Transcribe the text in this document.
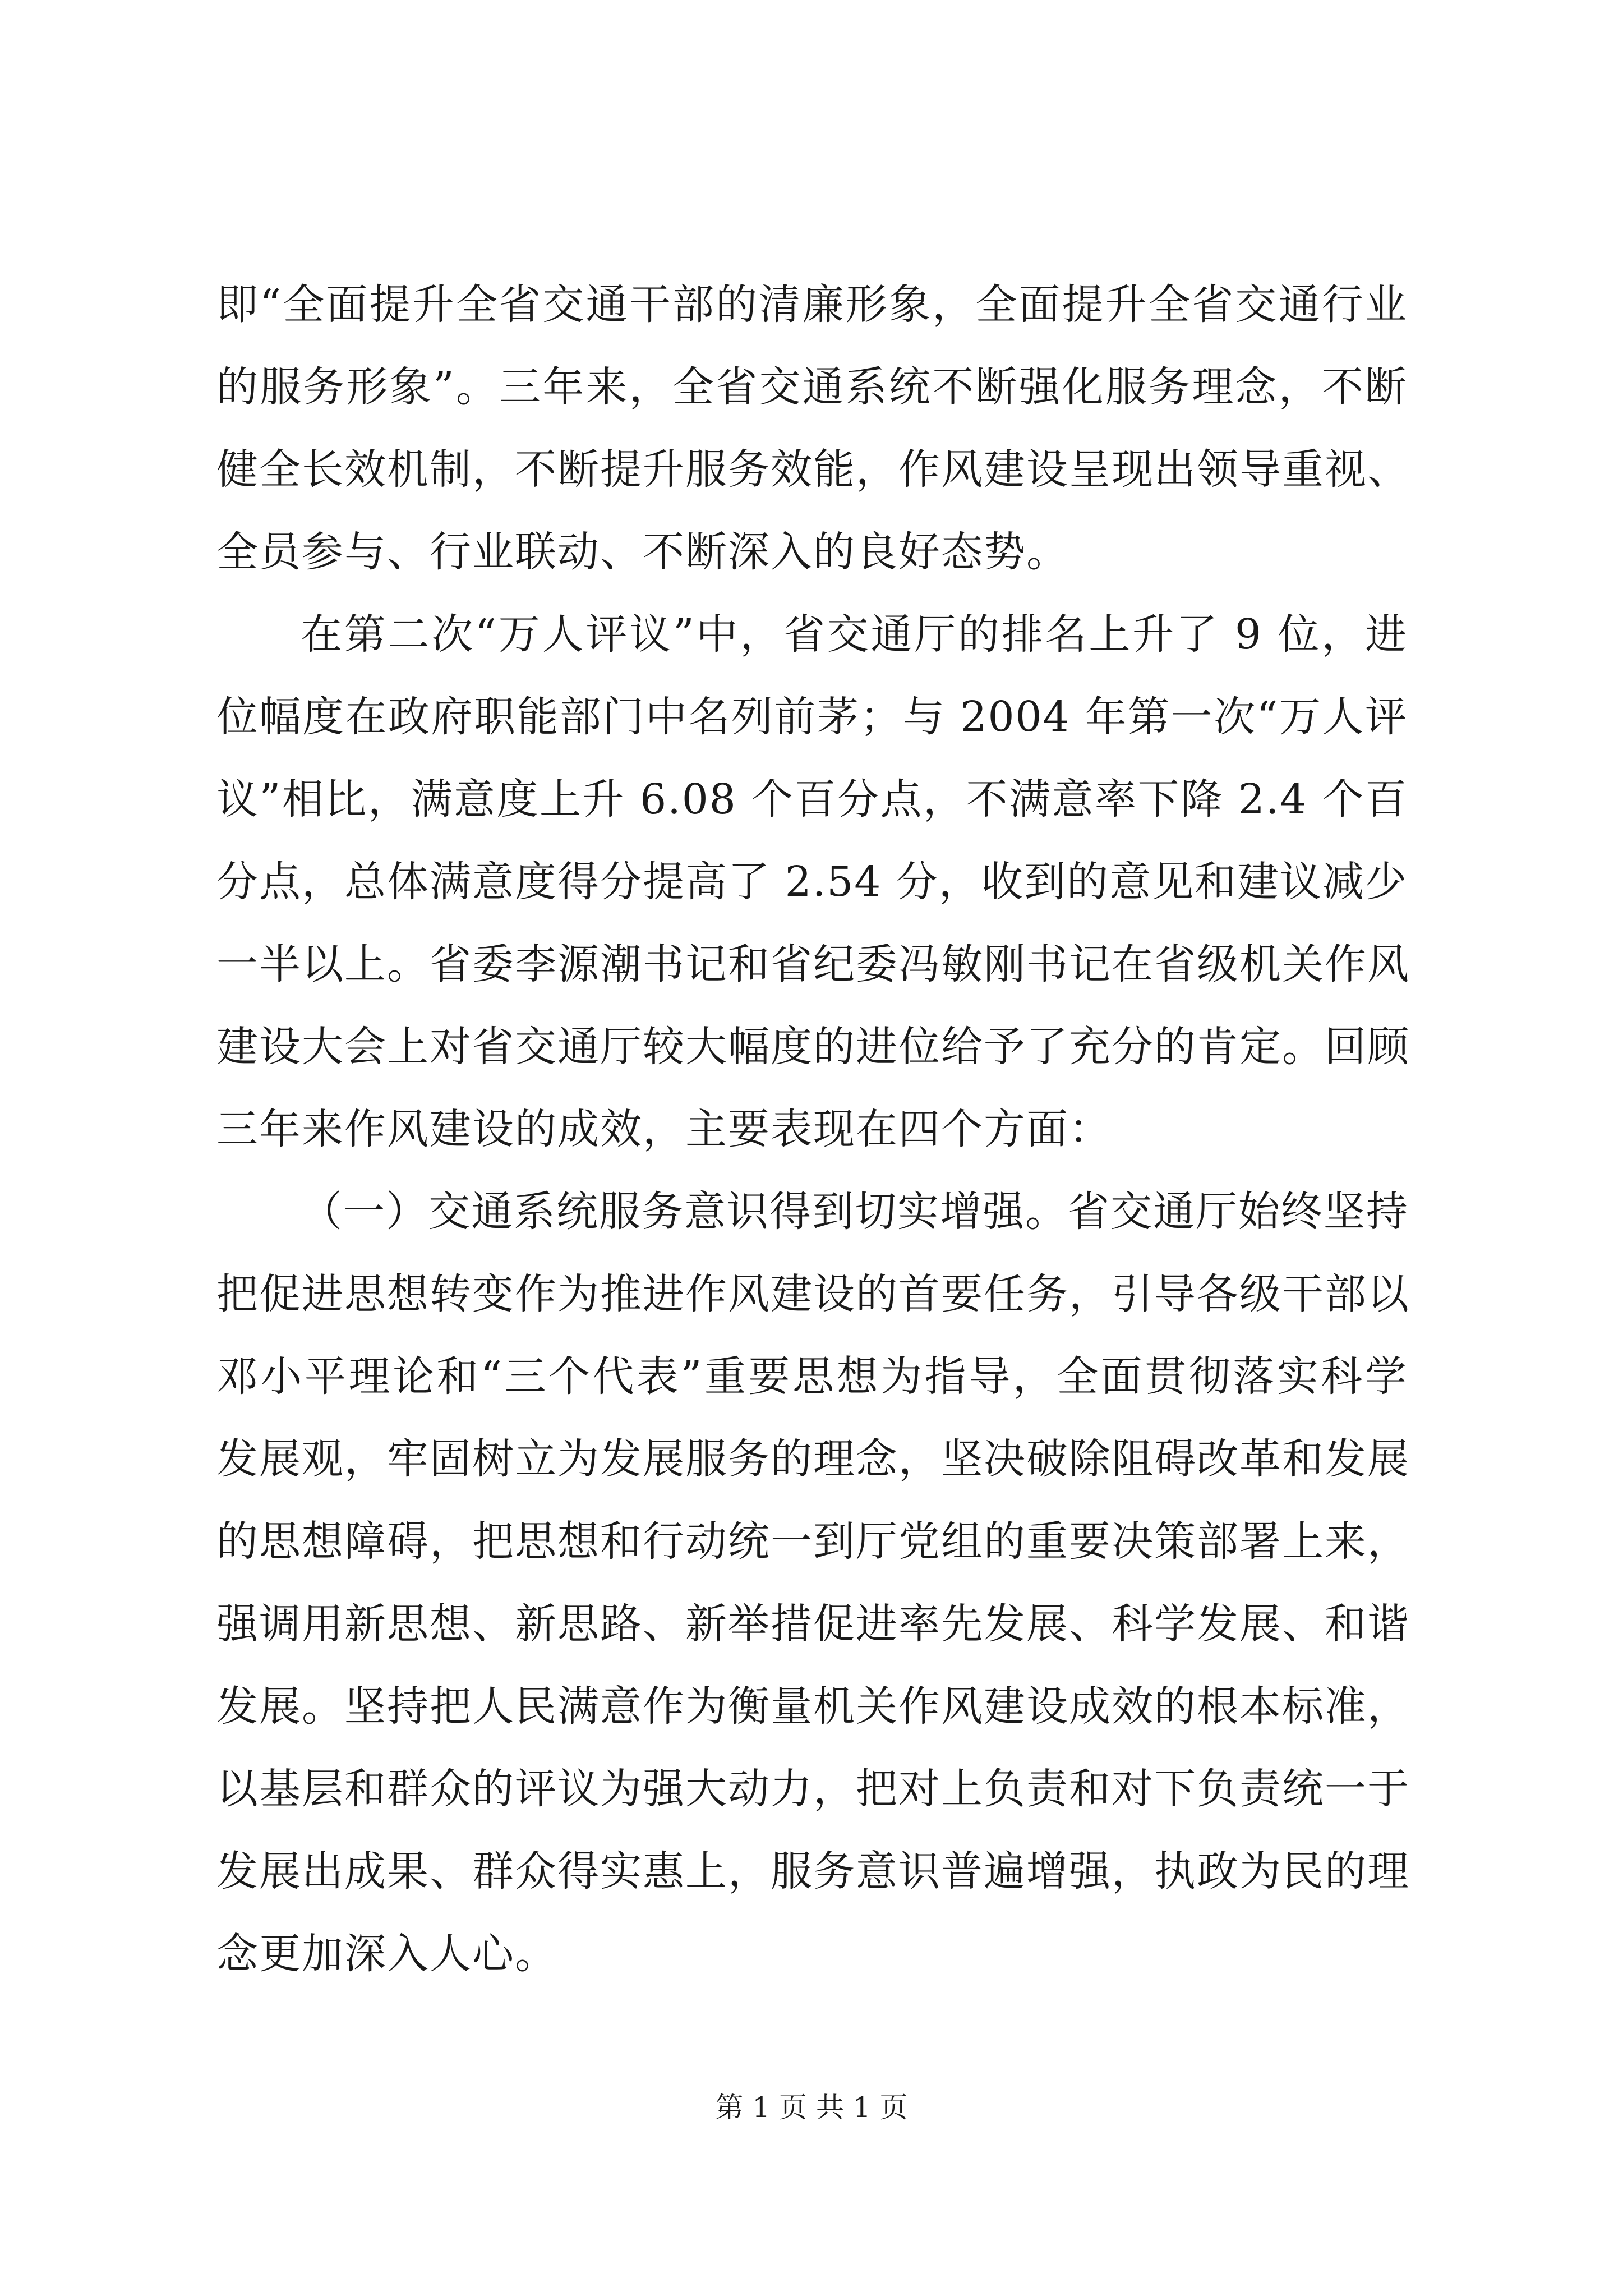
即“全面提升全省交通干部的清廉形象，全面提升全省交通行业
的服务形象”。三年来，全省交通系统不断强化服务理念，不断
健全长效机制，不断提升服务效能，作风建设呈现出领导重视、
全员参与、行业联动、不断深入的良好态势。
在第二次“万人评议”中，省交通厅的排名上升了 9 位，进
位幅度在政府职能部门中名列前茅；与 2004 年第一次“万人评
议”相比，满意度上升 6.08 个百分点，不满意率下降 2.4 个百
分点，总体满意度得分提高了 2.54 分，收到的意见和建议减少
一半以上。省委李源潮书记和省纪委冯敏刚书记在省级机关作风
建设大会上对省交通厅较大幅度的进位给予了充分的肯定。回顾
三年来作风建设的成效，主要表现在四个方面：
（一）交通系统服务意识得到切实增强。省交通厅始终坚持
把促进思想转变作为推进作风建设的首要任务，引导各级干部以
邓小平理论和“三个代表”重要思想为指导，全面贯彻落实科学
发展观，牢固树立为发展服务的理念，坚决破除阻碍改革和发展
的思想障碍，把思想和行动统一到厅党组的重要决策部署上来，
强调用新思想、新思路、新举措促进率先发展、科学发展、和谐
发展。坚持把人民满意作为衡量机关作风建设成效的根本标准，
以基层和群众的评议为强大动力，把对上负责和对下负责统一于
发展出成果、群众得实惠上，服务意识普遍增强，执政为民的理
念更加深入人心。
第 1 页 共 1 页
